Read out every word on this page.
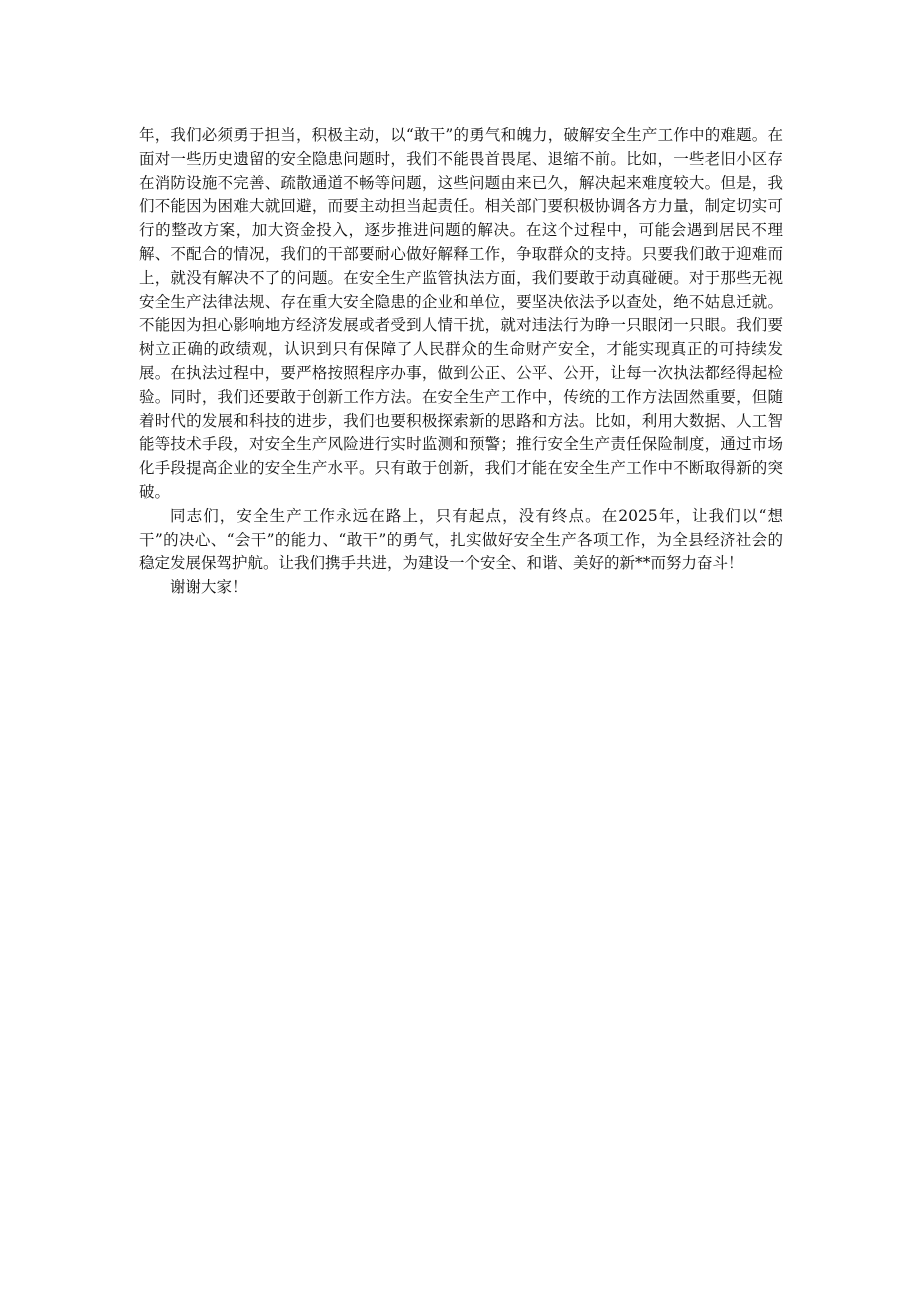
年，我们必须勇于担当，积极主动，以“敢干”的勇气和魄力，破解安全生产工作中的难题。在面对一些历史遗留的安全隐患问题时，我们不能畏首畏尾、退缩不前。比如，一些老旧小区存在消防设施不完善、疏散通道不畅等问题，这些问题由来已久，解决起来难度较大。但是，我们不能因为困难大就回避，而要主动担当起责任。相关部门要积极协调各方力量，制定切实可行的整改方案，加大资金投入，逐步推进问题的解决。在这个过程中，可能会遇到居民不理解、不配合的情况，我们的干部要耐心做好解释工作，争取群众的支持。只要我们敢于迎难而上，就没有解决不了的问题。在安全生产监管执法方面，我们要敢于动真碰硬。对于那些无视安全生产法律法规、存在重大安全隐患的企业和单位，要坚决依法予以查处，绝不姑息迁就。不能因为担心影响地方经济发展或者受到人情干扰，就对违法行为睁一只眼闭一只眼。我们要树立正确的政绩观，认识到只有保障了人民群众的生命财产安全，才能实现真正的可持续发展。在执法过程中，要严格按照程序办事，做到公正、公平、公开，让每一次执法都经得起检验。同时，我们还要敢于创新工作方法。在安全生产工作中，传统的工作方法固然重要，但随着时代的发展和科技的进步，我们也要积极探索新的思路和方法。比如，利用大数据、人工智能等技术手段，对安全生产风险进行实时监测和预警；推行安全生产责任保险制度，通过市场化手段提高企业的安全生产水平。只有敢于创新，我们才能在安全生产工作中不断取得新的突破。

同志们，安全生产工作永远在路上，只有起点，没有终点。在2025年，让我们以“想干”的决心、“会干”的能力、“敢干”的勇气，扎实做好安全生产各项工作，为全县经济社会的稳定发展保驾护航。让我们携手共进，为建设一个安全、和谐、美好的新**而努力奋斗！

谢谢大家！
